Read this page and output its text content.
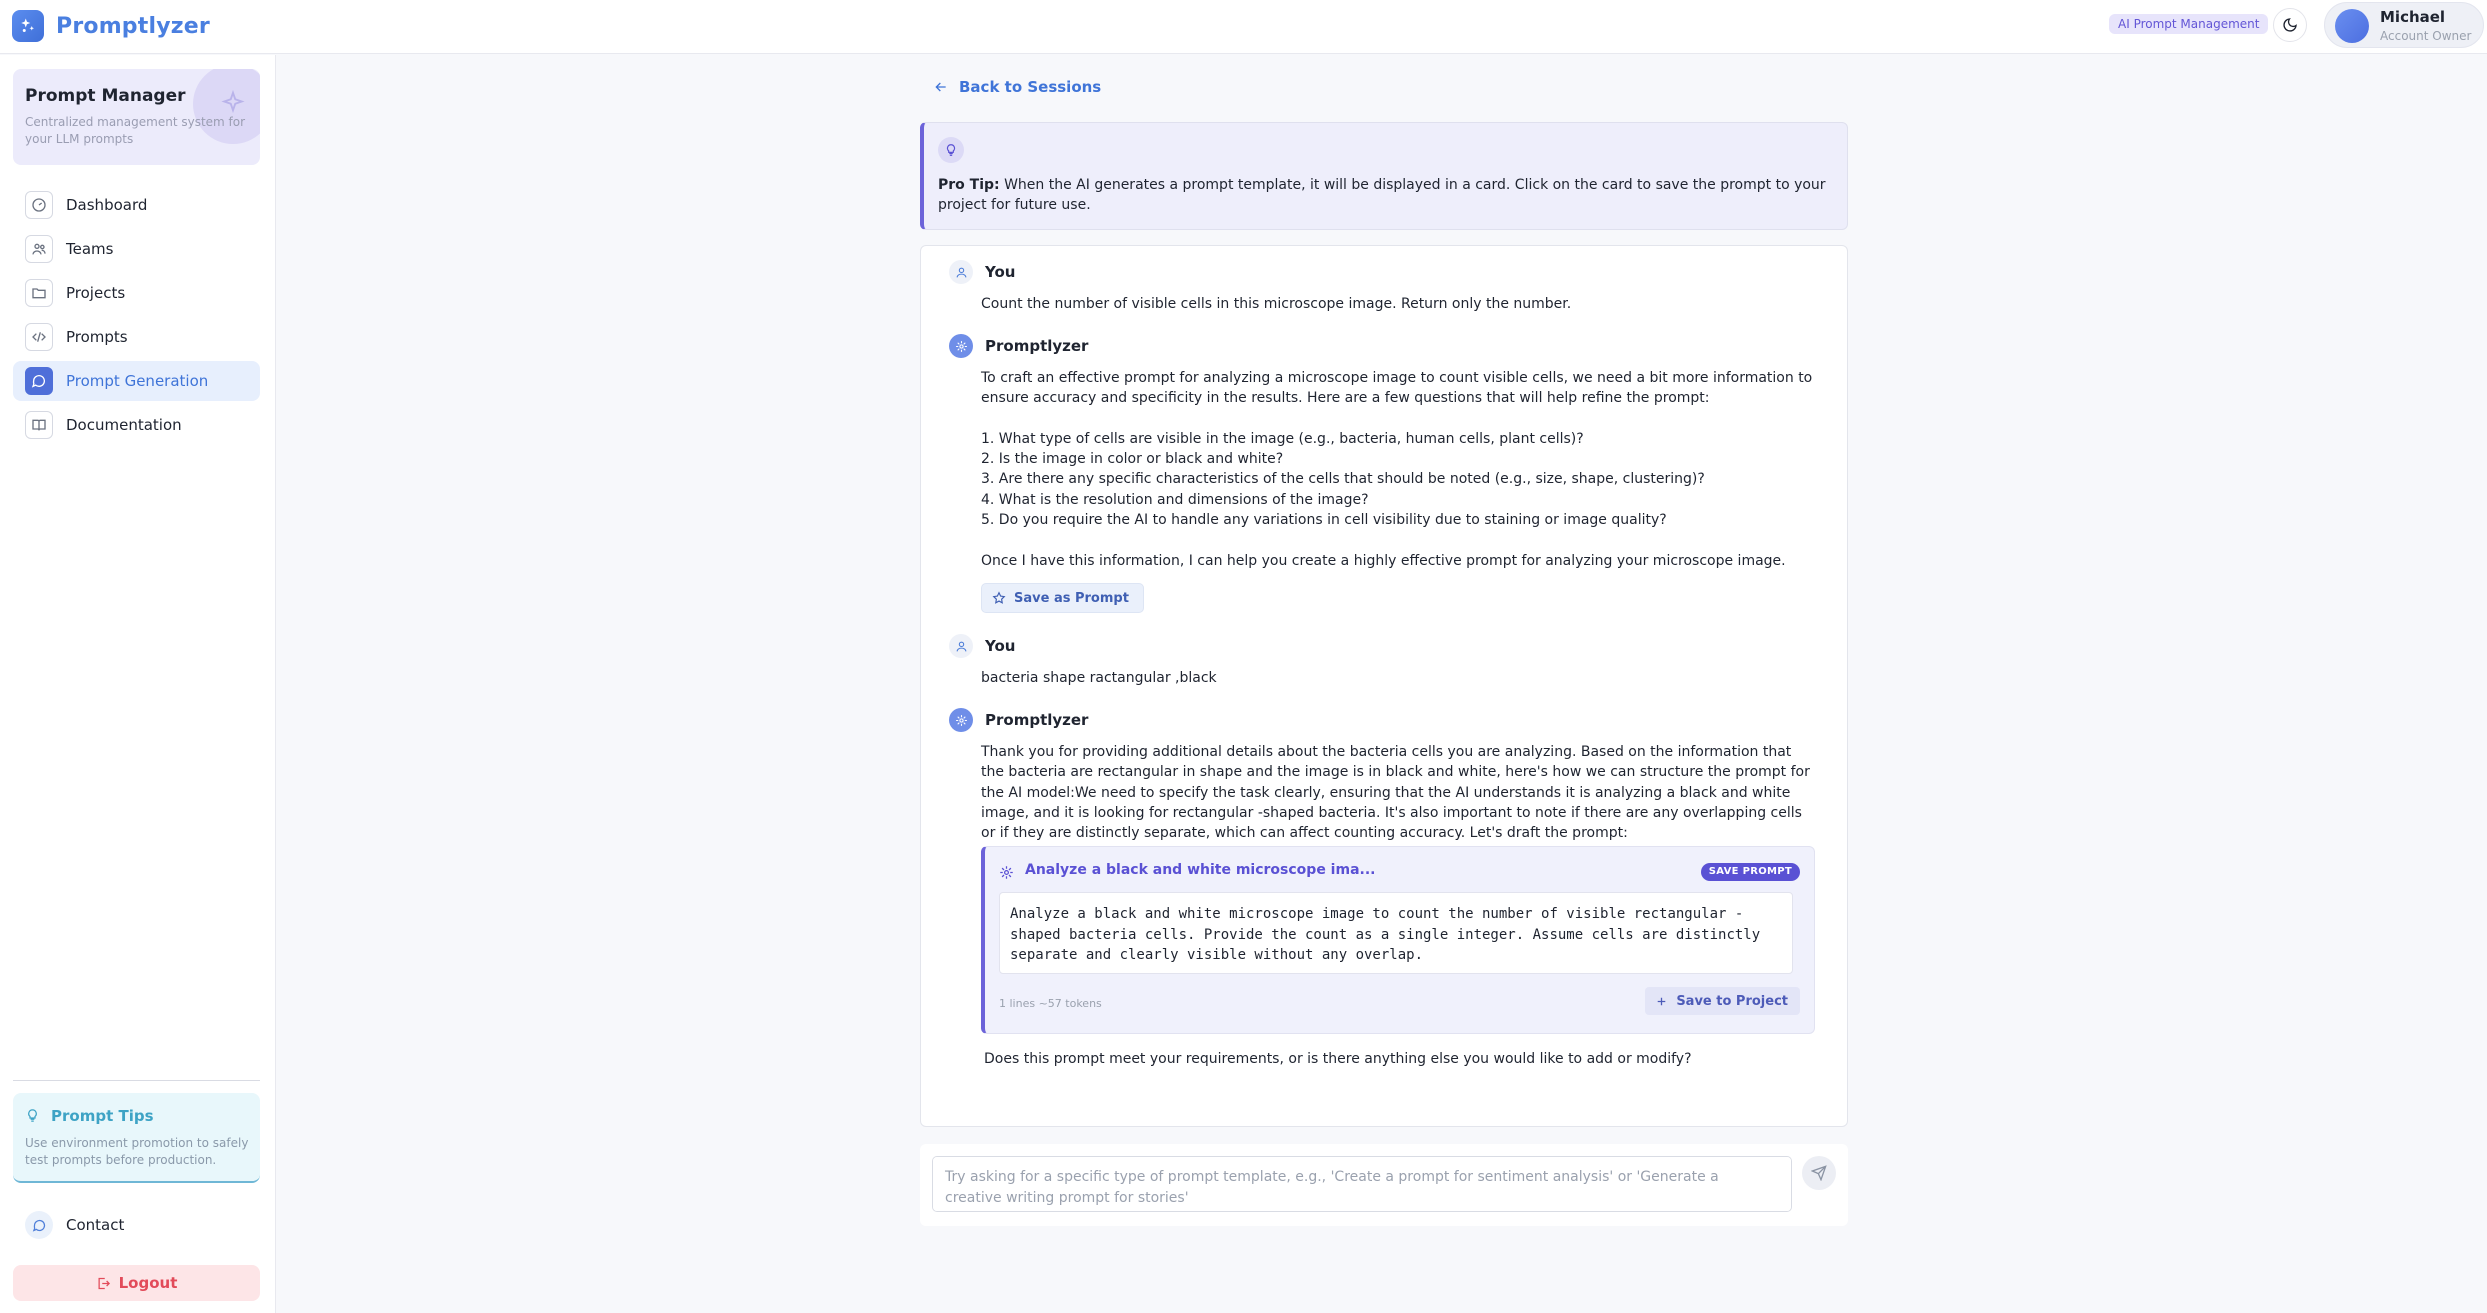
Promptlyzer	AI Prompt Management	Michael
Account Owner
Prompt Manager
Centralized management system for your LLM prompts
Dashboard
Teams
Projects
Prompts
Prompt Generation
Documentation
Prompt Tips
Use environment promotion to safely test prompts before production.
Contact
Logout
Back to Sessions
Pro Tip: When the AI generates a prompt template, it will be displayed in a card. Click on the card to save the prompt to your project for future use.
You
Count the number of visible cells in this microscope image. Return only the number.
Promptlyzer
To craft an effective prompt for analyzing a microscope image to count visible cells, we need a bit more information to ensure accuracy and specificity in the results. Here are a few questions that will help refine the prompt:

1. What type of cells are visible in the image (e.g., bacteria, human cells, plant cells)?
2. Is the image in color or black and white?
3. Are there any specific characteristics of the cells that should be noted (e.g., size, shape, clustering)?
4. What is the resolution and dimensions of the image?
5. Do you require the AI to handle any variations in cell visibility due to staining or image quality?

Once I have this information, I can help you create a highly effective prompt for analyzing your microscope image.
Save as Prompt
You
bacteria shape ractangular ,black
Promptlyzer
Thank you for providing additional details about the bacteria cells you are analyzing. Based on the information that the bacteria are rectangular in shape and the image is in black and white, here's how we can structure the prompt for the AI model:We need to specify the task clearly, ensuring that the AI understands it is analyzing a black and white image, and it is looking for rectangular -shaped bacteria. It's also important to note if there are any overlapping cells or if they are distinctly separate, which can affect counting accuracy. Let's draft the prompt:
Analyze a black and white microscope ima...	SAVE PROMPT
Analyze a black and white microscope image to count the number of visible rectangular -
shaped bacteria cells. Provide the count as a single integer. Assume cells are distinctly
separate and clearly visible without any overlap.
1 lines ~57 tokens	Save to Project
Does this prompt meet your requirements, or is there anything else you would like to add or modify?
Try asking for a specific type of prompt template, e.g., 'Create a prompt for sentiment analysis' or 'Generate a creative writing prompt for stories'
